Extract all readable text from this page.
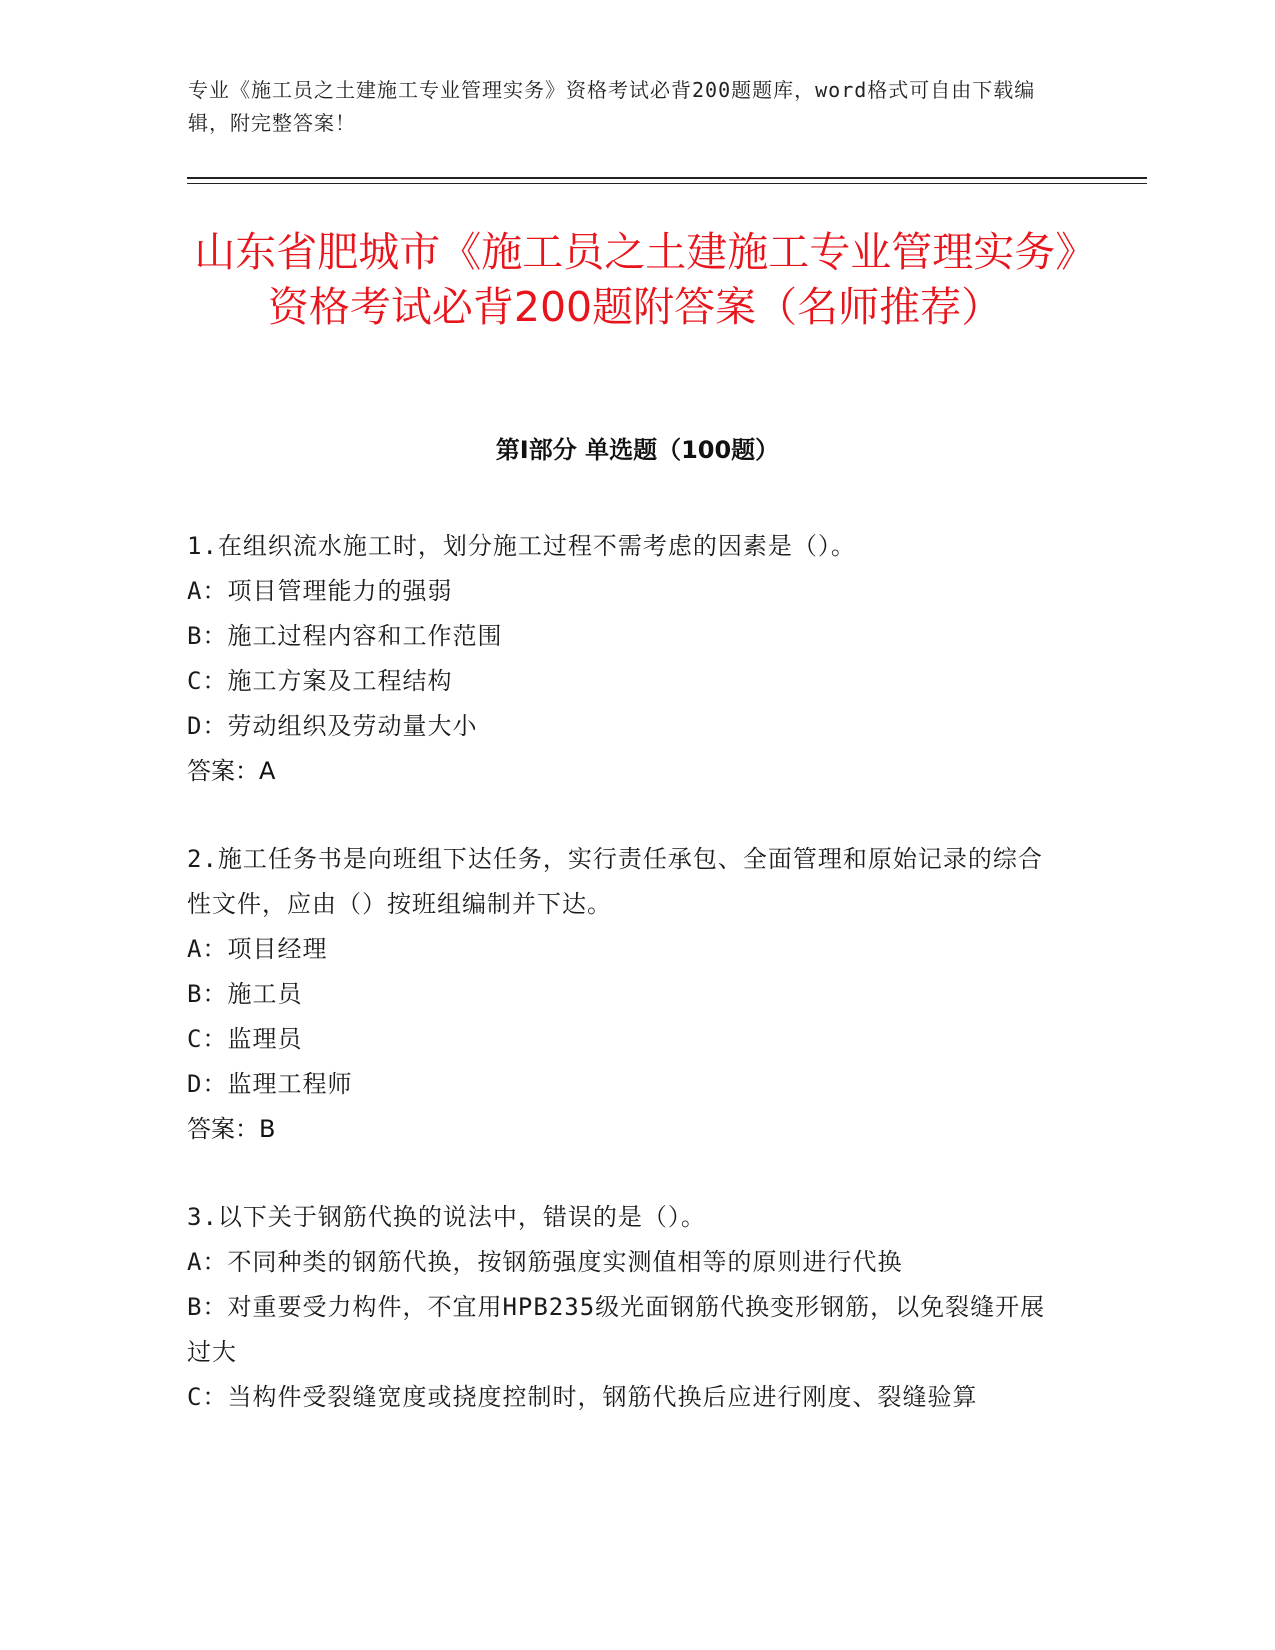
专业《施工员之土建施工专业管理实务》资格考试必背200题题库，word格式可自由下载编辑，附完整答案！
山东省肥城市《施工员之土建施工专业管理实务》资格考试必背200题附答案（名师推荐）
第Ⅰ部分 单选题（100题）

1.在组织流水施工时，划分施工过程不需考虑的因素是（）。

A：项目管理能力的强弱

B：施工过程内容和工作范围

C：施工方案及工程结构

D：劳动组织及劳动量大小

答案：A

2.施工任务书是向班组下达任务，实行责任承包、全面管理和原始记录的综合性文件，应由（）按班组编制并下达。

A：项目经理

B：施工员

C：监理员

D：监理工程师

答案：B

3.以下关于钢筋代换的说法中，错误的是（）。

A：不同种类的钢筋代换，按钢筋强度实测值相等的原则进行代换

B：对重要受力构件，不宜用HPB235级光面钢筋代换变形钢筋，以免裂缝开展过大

C：当构件受裂缝宽度或挠度控制时，钢筋代换后应进行刚度、裂缝验算
